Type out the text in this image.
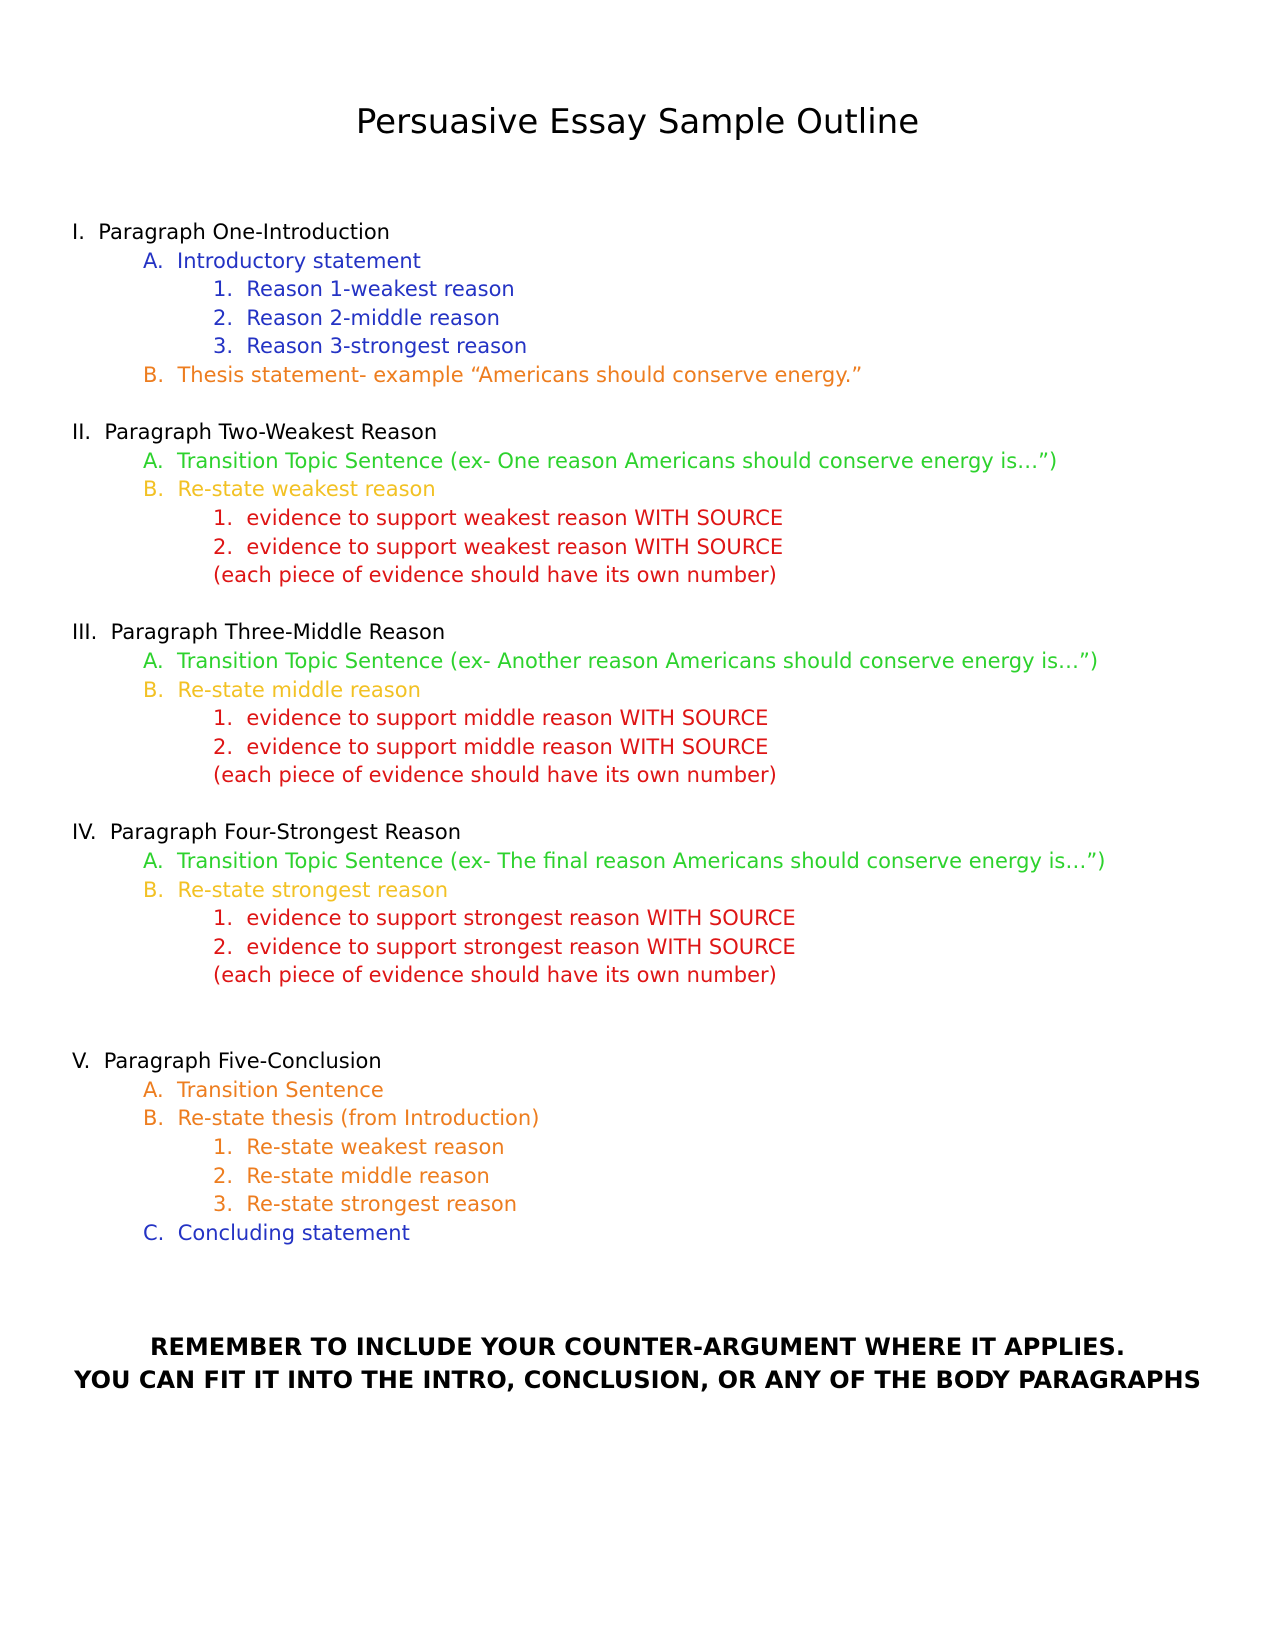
Persuasive Essay Sample Outline
I.  Paragraph One-Introduction
A.  Introductory statement
1.  Reason 1-weakest reason
2.  Reason 2-middle reason
3.  Reason 3-strongest reason
B.  Thesis statement- example “Americans should conserve energy.”
II.  Paragraph Two-Weakest Reason
A.  Transition Topic Sentence (ex- One reason Americans should conserve energy is…”)
B.  Re-state weakest reason
1.  evidence to support weakest reason WITH SOURCE
2.  evidence to support weakest reason WITH SOURCE
(each piece of evidence should have its own number)
III.  Paragraph Three-Middle Reason
A.  Transition Topic Sentence (ex- Another reason Americans should conserve energy is…”)
B.  Re-state middle reason
1.  evidence to support middle reason WITH SOURCE
2.  evidence to support middle reason WITH SOURCE
(each piece of evidence should have its own number)
IV.  Paragraph Four-Strongest Reason
A.  Transition Topic Sentence (ex- The final reason Americans should conserve energy is…”)
B.  Re-state strongest reason
1.  evidence to support strongest reason WITH SOURCE
2.  evidence to support strongest reason WITH SOURCE
(each piece of evidence should have its own number)
V.  Paragraph Five-Conclusion
A.  Transition Sentence
B.  Re-state thesis (from Introduction)
1.  Re-state weakest reason
2.  Re-state middle reason
3.  Re-state strongest reason
C.  Concluding statement
REMEMBER TO INCLUDE YOUR COUNTER-ARGUMENT WHERE IT APPLIES.
YOU CAN FIT IT INTO THE INTRO, CONCLUSION, OR ANY OF THE BODY PARAGRAPHS
